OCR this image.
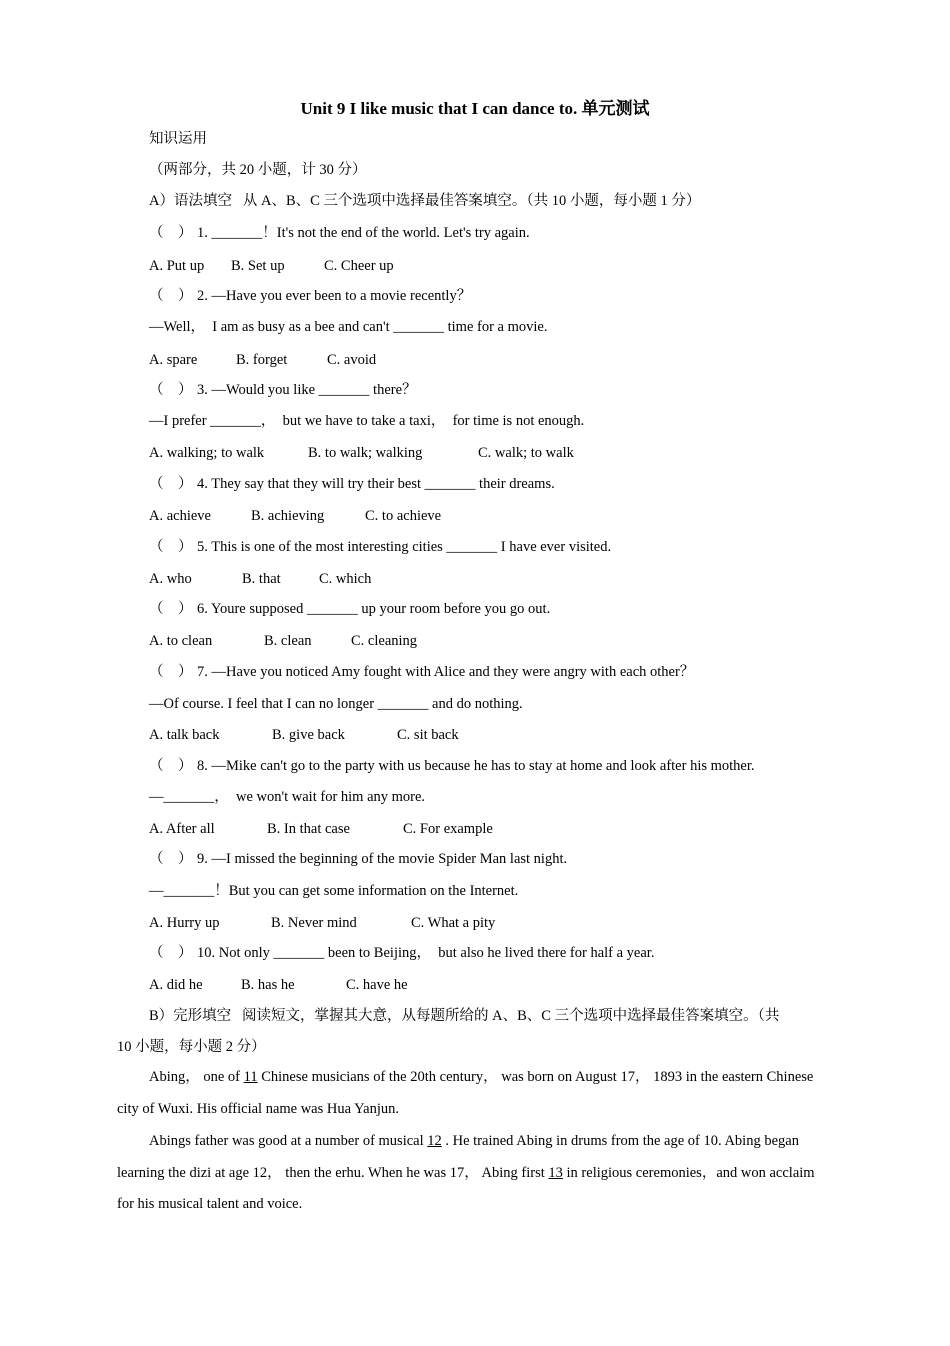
Unit 9 I like music that I can dance to. 单元测试
知识运用
（两部分，共 20 小题，计 30 分）
A）语法填空   从 A、B、C 三个选项中选择最佳答案填空。（共 10 小题，每小题 1 分）
（　） 1. _______！It's not the end of the world. Let's try again.
A. Put up B. Set up	C. Cheer up
（　） 2. —Have you ever been to a movie recently？
—Well，  I am as busy as a bee and can't _______ time for a movie.
A. spare	B. forget	C. avoid
（　） 3. —Would you like _______ there？
—I prefer _______，  but we have to take a taxi，  for time is not enough.
A. walking; to walk	B. to walk; walking	C. walk; to walk
（　） 4. They say that they will try their best _______ their dreams.
A. achieve	B. achieving	C. to achieve
（　） 5. This is one of the most interesting cities _______ I have ever visited.
A. who	B. that	C. which
（　） 6. Youre supposed _______ up your room before you go out.
A. to clean	B. clean	C. cleaning
（　） 7. —Have you noticed Amy fought with Alice and they were angry with each other？
—Of course. I feel that I can no longer _______ and do nothing.
A. talk back	B. give back	C. sit back
（　） 8. —Mike can't go to the party with us because he has to stay at home and look after his mother.
—_______，  we won't wait for him any more.
A. After all	B. In that case	C. For example
（　） 9. —I missed the beginning of the movie Spider Man last night.
—_______！But you can get some information on the Internet.
A. Hurry up	B. Never mind	C. What a pity
（　） 10. Not only _______ been to Beijing，  but also he lived there for half a year.
A. did he	B. has he	C. have he
B）完形填空   阅读短文，掌握其大意，从每题所给的 A、B、C 三个选项中选择最佳答案填空。（共
10 小题，每小题 2 分）
Abing， one of 11 Chinese musicians of the 20th century， was born on August 17， 1893 in the eastern Chinese city of Wuxi. His official name was Hua Yanjun.
Abings father was good at a number of musical 12 . He trained Abing in drums from the age of 10. Abing began learning the dizi at age 12， then the erhu. When he was 17， Abing first 13 in religious ceremonies，and won acclaim for his musical talent and voice.
